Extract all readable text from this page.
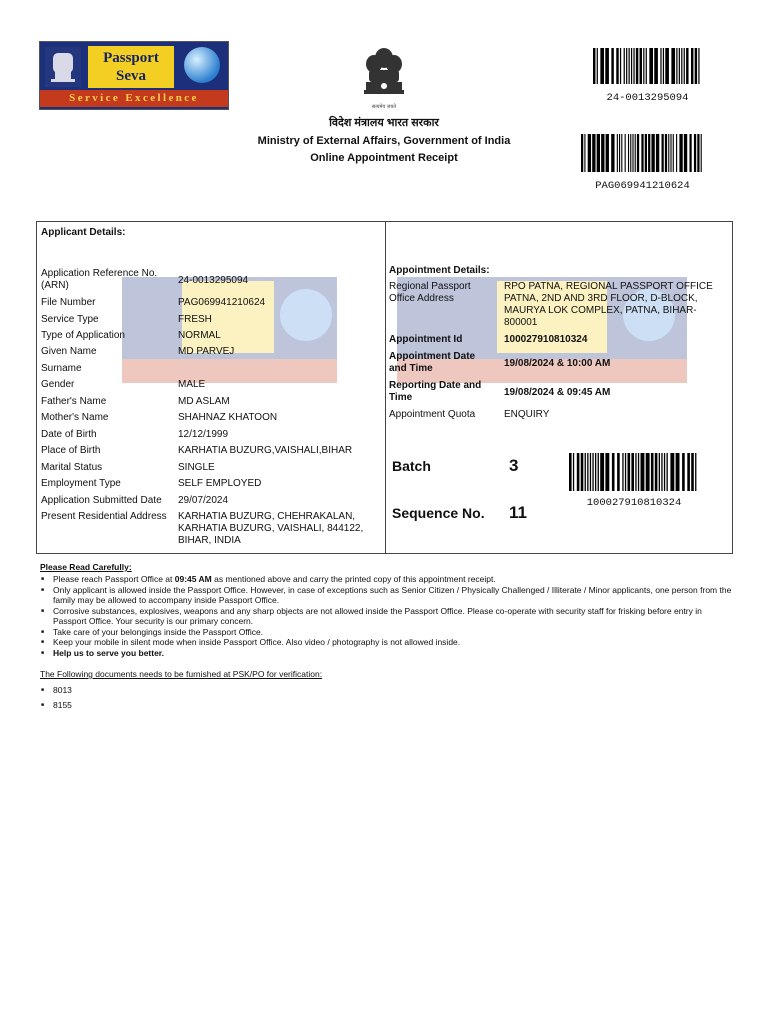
Passport
Seva
Service Excellence
सत्यमेव जयते
विदेश मंत्रालय भारत सरकार
Ministry of External Affairs, Government of India
Online Appointment Receipt
24-0013295094
PAG069941210624
Applicant Details:
Application Reference No. (ARN)	24-0013295094
File Number	PAG069941210624
Service Type	FRESH
Type of Application	NORMAL
Given Name	MD PARVEJ
Surname
Gender	MALE
Father's Name	MD ASLAM
Mother's Name	SHAHNAZ KHATOON
Date of Birth	12/12/1999
Place of Birth	KARHATIA BUZURG,VAISHALI,BIHAR
Marital Status	SINGLE
Employment Type	SELF EMPLOYED
Application Submitted Date	29/07/2024
Present Residential Address	KARHATIA BUZURG, CHEHRAKALAN, KARHATIA BUZURG, VAISHALI, 844122, BIHAR, INDIA
Appointment Details:
Regional Passport Office Address
RPO PATNA, REGIONAL PASSPORT OFFICE PATNA, 2ND AND 3RD FLOOR, D-BLOCK, MAURYA LOK COMPLEX, PATNA, BIHAR-800001
Appointment Id	100027910810324
Appointment Date and Time	19/08/2024 & 10:00 AM
Reporting Date and Time	19/08/2024 & 09:45 AM
Appointment Quota	ENQUIRY
Batch	3
Sequence No. 11	100027910810324
Please Read Carefully:
■ Please reach Passport Office at 09:45 AM as mentioned above and carry the printed copy of this appointment receipt.
■ Only applicant is allowed inside the Passport Office. However, in case of exceptions such as Senior Citizen / Physically Challenged / Illiterate / Minor applicants, one person from the family may be allowed to accompany inside Passport Office.
■ Corrosive substances, explosives, weapons and any sharp objects are not allowed inside the Passport Office. Please co-operate with security staff for frisking before entry in Passport Office. Your security is our primary concern.
■ Take care of your belongings inside the Passport Office.
■ Keep your mobile in silent mode when inside Passport Office. Also video / photography is not allowed inside.
■ Help us to serve you better.
The Following documents needs to be furnished at PSK/PO for verification:
■ 8013
■ 8155
